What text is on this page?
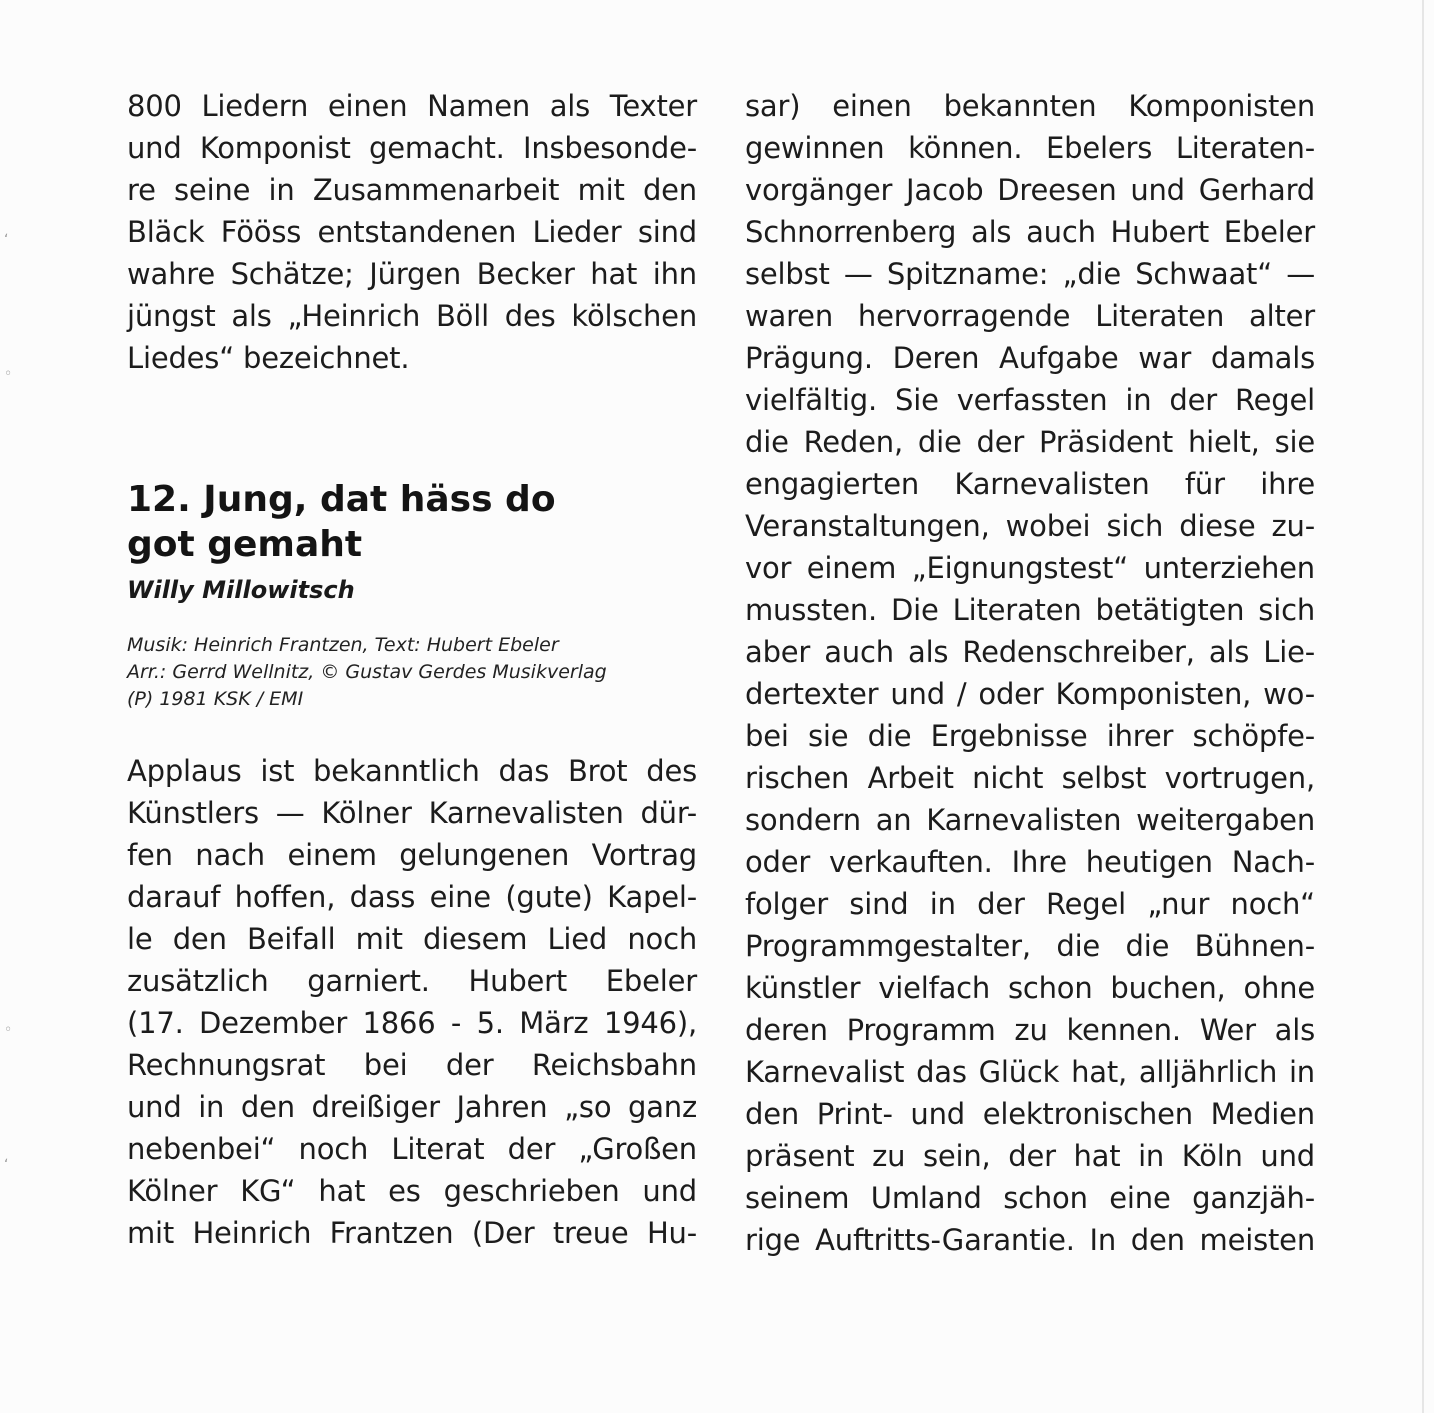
ʻ
◦
◦
ʻ
800 Liedern einen Namen als Texter
und Komponist gemacht. Insbesonde-
re seine in Zusammenarbeit mit den
Bläck Fööss entstandenen Lieder sind
wahre Schätze; Jürgen Becker hat ihn
jüngst als „Heinrich Böll des kölschen
Liedes“ bezeichnet.
12. Jung, dat häss do
got gemaht
Willy Millowitsch
Musik: Heinrich Frantzen, Text: Hubert Ebeler
Arr.: Gerrd Wellnitz, © Gustav Gerdes Musikverlag
(P) 1981 KSK / EMI
Applaus ist bekanntlich das Brot des
Künstlers — Kölner Karnevalisten dür-
fen nach einem gelungenen Vortrag
darauf hoffen, dass eine (gute) Kapel-
le den Beifall mit diesem Lied noch
zusätzlich garniert. Hubert Ebeler
(17. Dezember 1866 - 5. März 1946),
Rechnungsrat bei der Reichsbahn
und in den dreißiger Jahren „so ganz
nebenbei“ noch Literat der „Großen
Kölner KG“ hat es geschrieben und
mit Heinrich Frantzen (Der treue Hu-
sar) einen bekannten Komponisten
gewinnen können. Ebelers Literaten-
vorgänger Jacob Dreesen und Gerhard
Schnorrenberg als auch Hubert Ebeler
selbst — Spitzname: „die Schwaat“ —
waren hervorragende Literaten alter
Prägung. Deren Aufgabe war damals
vielfältig. Sie verfassten in der Regel
die Reden, die der Präsident hielt, sie
engagierten Karnevalisten für ihre
Veranstaltungen, wobei sich diese zu-
vor einem „Eignungstest“ unterziehen
mussten. Die Literaten betätigten sich
aber auch als Redenschreiber, als Lie-
dertexter und / oder Komponisten, wo-
bei sie die Ergebnisse ihrer schöpfe-
rischen Arbeit nicht selbst vortrugen,
sondern an Karnevalisten weitergaben
oder verkauften. Ihre heutigen Nach-
folger sind in der Regel „nur noch“
Programmgestalter, die die Bühnen-
künstler vielfach schon buchen, ohne
deren Programm zu kennen. Wer als
Karnevalist das Glück hat, alljährlich in
den Print- und elektronischen Medien
präsent zu sein, der hat in Köln und
seinem Umland schon eine ganzjäh-
rige Auftritts-Garantie. In den meisten
